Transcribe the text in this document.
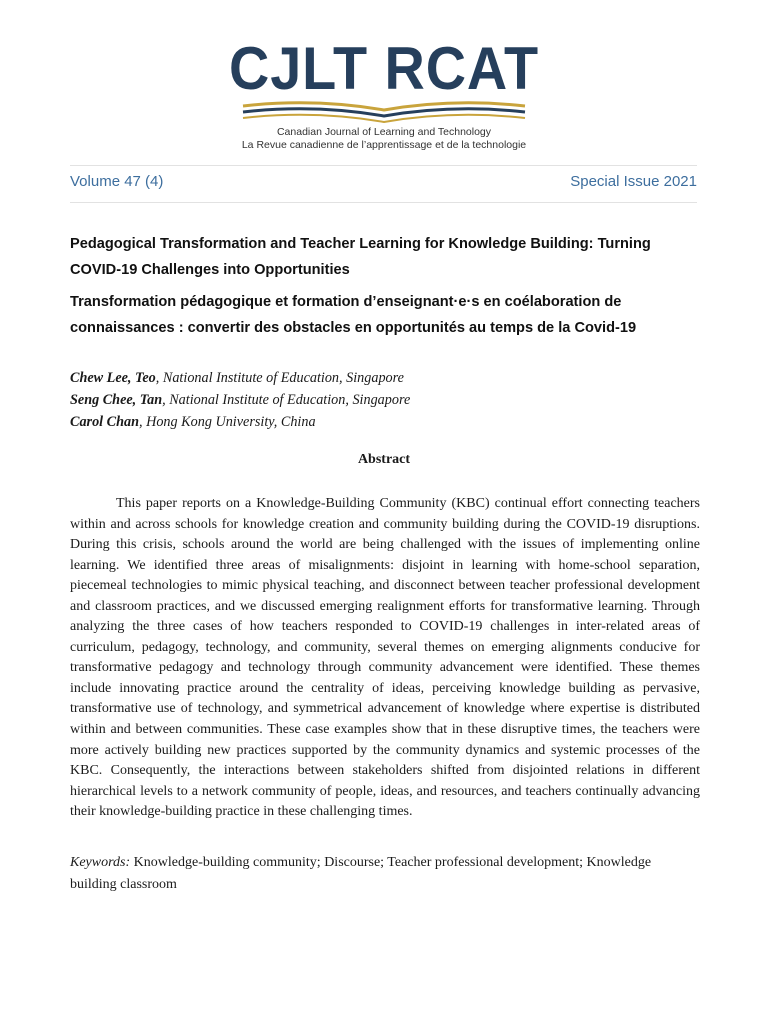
CJLT RCAT
Canadian Journal of Learning and Technology
La Revue canadienne de l’apprentissage et de la technologie
Volume 47 (4)	Special Issue 2021
Pedagogical Transformation and Teacher Learning for Knowledge Building: Turning COVID-19 Challenges into Opportunities
Transformation pédagogique et formation d’enseignant·e·s en coélaboration de connaissances : convertir des obstacles en opportunités au temps de la Covid-19
Chew Lee, Teo, National Institute of Education, Singapore
Seng Chee, Tan, National Institute of Education, Singapore
Carol Chan, Hong Kong University, China
Abstract
This paper reports on a Knowledge-Building Community (KBC) continual effort connecting teachers within and across schools for knowledge creation and community building during the COVID-19 disruptions. During this crisis, schools around the world are being challenged with the issues of implementing online learning. We identified three areas of misalignments: disjoint in learning with home-school separation, piecemeal technologies to mimic physical teaching, and disconnect between teacher professional development and classroom practices, and we discussed emerging realignment efforts for transformative learning. Through analyzing the three cases of how teachers responded to COVID-19 challenges in inter-related areas of curriculum, pedagogy, technology, and community, several themes on emerging alignments conducive for transformative pedagogy and technology through community advancement were identified. These themes include innovating practice around the centrality of ideas, perceiving knowledge building as pervasive, transformative use of technology, and symmetrical advancement of knowledge where expertise is distributed within and between communities. These case examples show that in these disruptive times, the teachers were more actively building new practices supported by the community dynamics and systemic processes of the KBC. Consequently, the interactions between stakeholders shifted from disjointed relations in different hierarchical levels to a network community of people, ideas, and resources, and teachers continually advancing their knowledge-building practice in these challenging times.
Keywords: Knowledge-building community; Discourse; Teacher professional development; Knowledge building classroom
